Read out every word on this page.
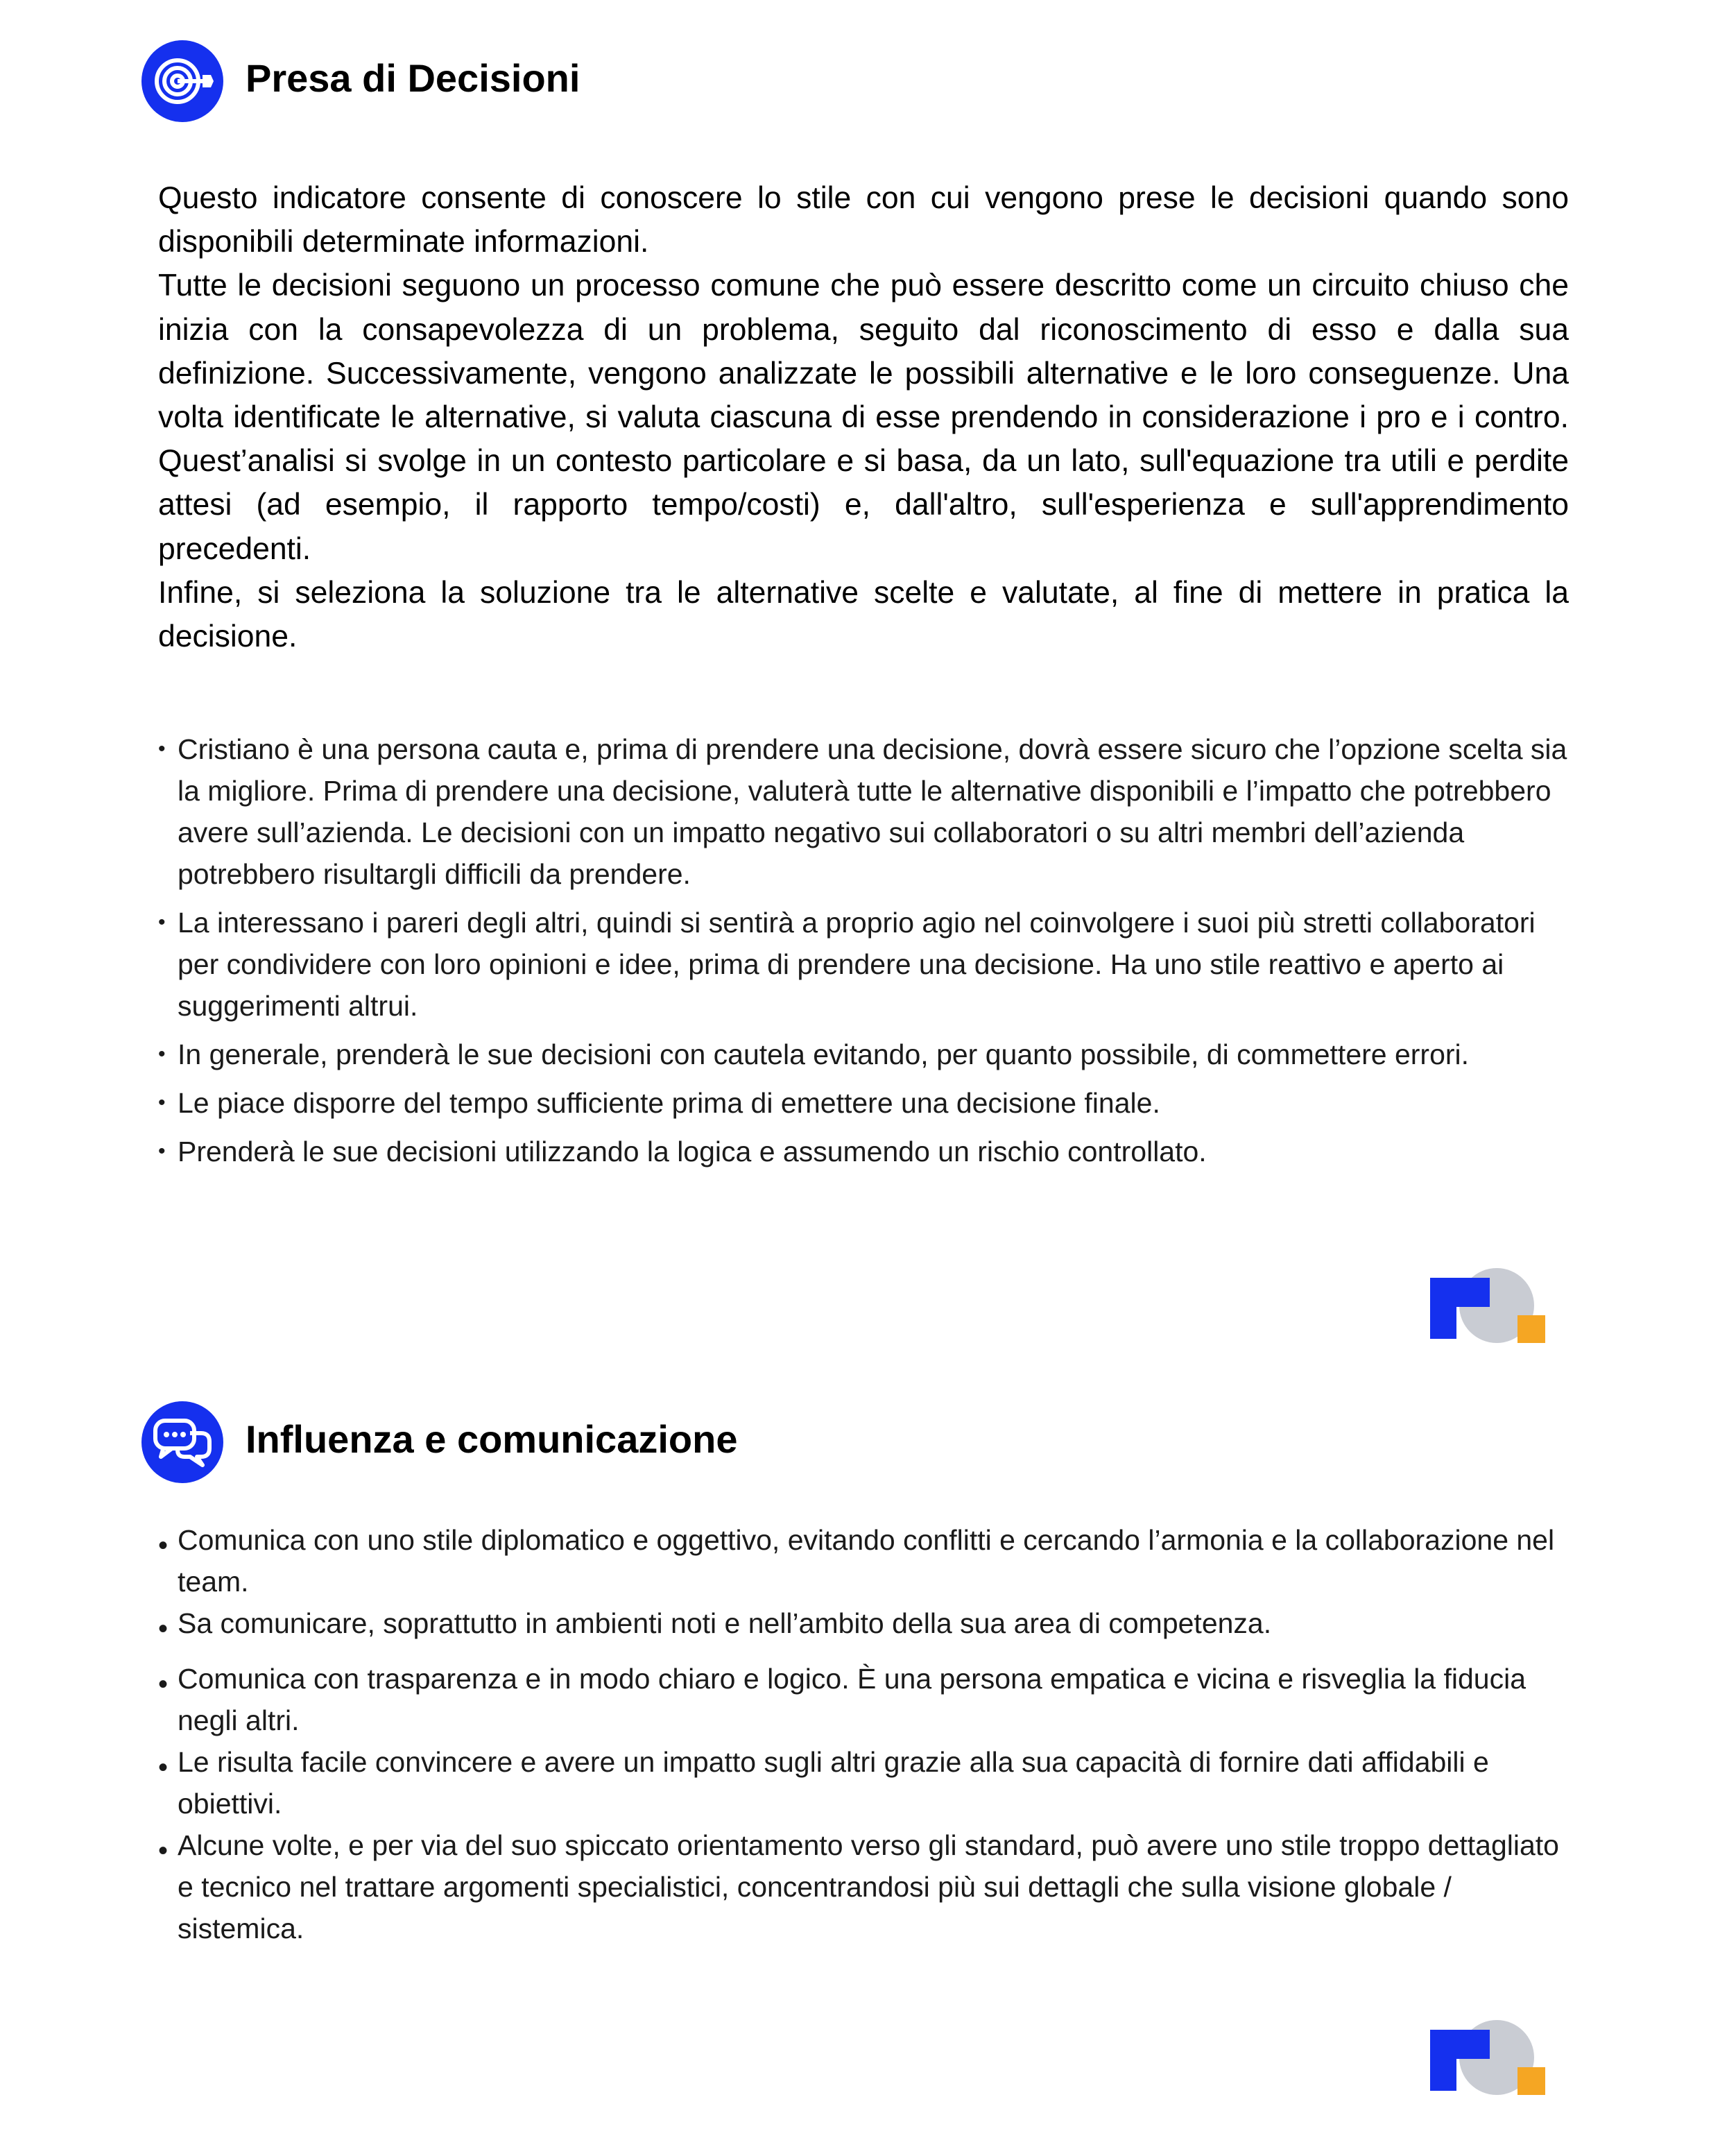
Presa di Decisioni

Questo indicatore consente di conoscere lo stile con cui vengono prese le decisioni quando sono disponibili determinate informazioni.

Tutte le decisioni seguono un processo comune che può essere descritto come un circuito chiuso che inizia con la consapevolezza di un problema, seguito dal riconoscimento di esso e dalla sua definizione. Successivamente, vengono analizzate le possibili alternative e le loro conseguenze. Una volta identificate le alternative, si valuta ciascuna di esse prendendo in considerazione i pro e i contro. Quest’analisi si svolge in un contesto particolare e si basa, da un lato, sull'equazione tra utili e perdite attesi (ad esempio, il rapporto tempo/costi) e, dall'altro, sull'esperienza e sull'apprendimento precedenti.

Infine, si seleziona la soluzione tra le alternative scelte e valutate, al fine di mettere in pratica la decisione.

• Cristiano è una persona cauta e, prima di prendere una decisione, dovrà essere sicuro che l’opzione scelta sia la migliore. Prima di prendere una decisione, valuterà tutte le alternative disponibili e l’impatto che potrebbero avere sull’azienda. Le decisioni con un impatto negativo sui collaboratori o su altri membri dell’azienda potrebbero risultargli difficili da prendere.
• La interessano i pareri degli altri, quindi si sentirà a proprio agio nel coinvolgere i suoi più stretti collaboratori per condividere con loro opinioni e idee, prima di prendere una decisione. Ha uno stile reattivo e aperto ai suggerimenti altrui.
• In generale, prenderà le sue decisioni con cautela evitando, per quanto possibile, di commettere errori.
• Le piace disporre del tempo sufficiente prima di emettere una decisione finale.
• Prenderà le sue decisioni utilizzando la logica e assumendo un rischio controllato.
Influenza e comunicazione
• Comunica con uno stile diplomatico e oggettivo, evitando conflitti e cercando l’armonia e la collaborazione nel team.
• Sa comunicare, soprattutto in ambienti noti e nell’ambito della sua area di competenza.
• Comunica con trasparenza e in modo chiaro e logico. È una persona empatica e vicina e risveglia la fiducia negli altri.
• Le risulta facile convincere e avere un impatto sugli altri grazie alla sua capacità di fornire dati affidabili e obiettivi.
• Alcune volte, e per via del suo spiccato orientamento verso gli standard, può avere uno stile troppo dettagliato e tecnico nel trattare argomenti specialistici, concentrandosi più sui dettagli che sulla visione globale / sistemica.
